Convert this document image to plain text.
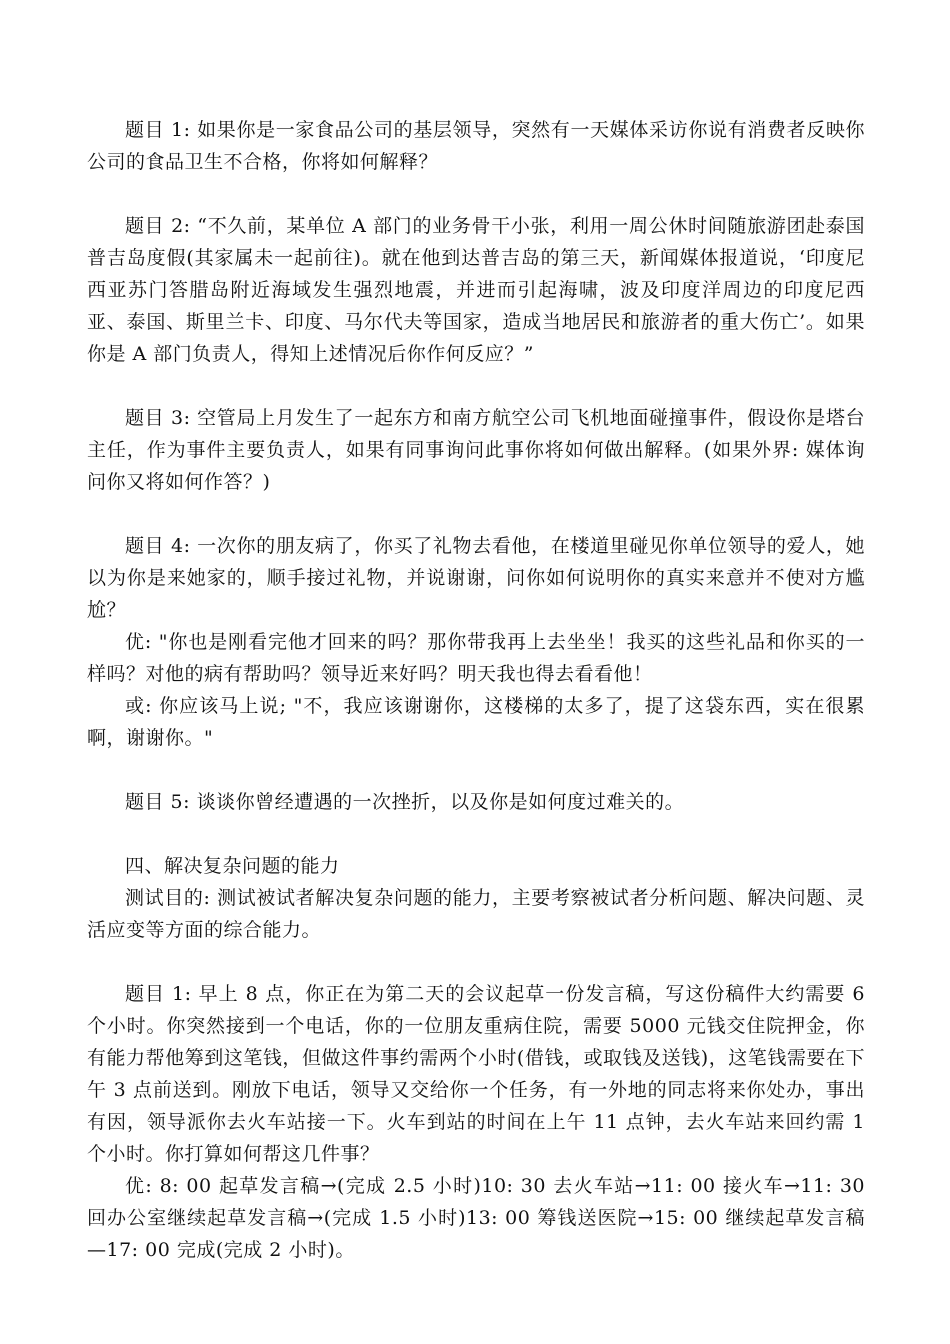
题目 1: 如果你是一家食品公司的基层领导，突然有一天媒体采访你说有消费者反映你公司的食品卫生不合格，你将如何解释？

题目 2: “不久前，某单位 A 部门的业务骨干小张，利用一周公休时间随旅游团赴泰国普吉岛度假(其家属未一起前往)。就在他到达普吉岛的第三天，新闻媒体报道说，‘印度尼西亚苏门答腊岛附近海域发生强烈地震，并进而引起海啸，波及印度洋周边的印度尼西亚、泰国、斯里兰卡、印度、马尔代夫等国家，造成当地居民和旅游者的重大伤亡’。如果你是 A 部门负责人，得知上述情况后你作何反应？”

题目 3: 空管局上月发生了一起东方和南方航空公司飞机地面碰撞事件，假设你是塔台主任，作为事件主要负责人，如果有同事询问此事你将如何做出解释。(如果外界: 媒体询问你又将如何作答？)

题目 4: 一次你的朋友病了，你买了礼物去看他，在楼道里碰见你单位领导的爱人，她以为你是来她家的，顺手接过礼物，并说谢谢，问你如何说明你的真实来意并不使对方尴尬？

优: "你也是刚看完他才回来的吗？那你带我再上去坐坐！我买的这些礼品和你买的一样吗？对他的病有帮助吗？领导近来好吗？明天我也得去看看他！

或: 你应该马上说; "不，我应该谢谢你，这楼梯的太多了，提了这袋东西，实在很累啊，谢谢你。"

题目 5: 谈谈你曾经遭遇的一次挫折，以及你是如何度过难关的。

四、解决复杂问题的能力

测试目的: 测试被试者解决复杂问题的能力，主要考察被试者分析问题、解决问题、灵活应变等方面的综合能力。

题目 1: 早上 8 点，你正在为第二天的会议起草一份发言稿，写这份稿件大约需要 6 个小时。你突然接到一个电话，你的一位朋友重病住院，需要 5000 元钱交住院押金，你有能力帮他筹到这笔钱，但做这件事约需两个小时(借钱，或取钱及送钱)，这笔钱需要在下午 3 点前送到。刚放下电话，领导又交给你一个任务，有一外地的同志将来你处办，事出有因，领导派你去火车站接一下。火车到站的时间在上午 11 点钟，去火车站来回约需 1 个小时。你打算如何帮这几件事？

优: 8: 00 起草发言稿→(完成 2.5 小时)10: 30 去火车站→11: 00 接火车→11: 30 回办公室继续起草发言稿→(完成 1.5 小时)13: 00 筹钱送医院→15: 00 继续起草发言稿—17: 00 完成(完成 2 小时)。
